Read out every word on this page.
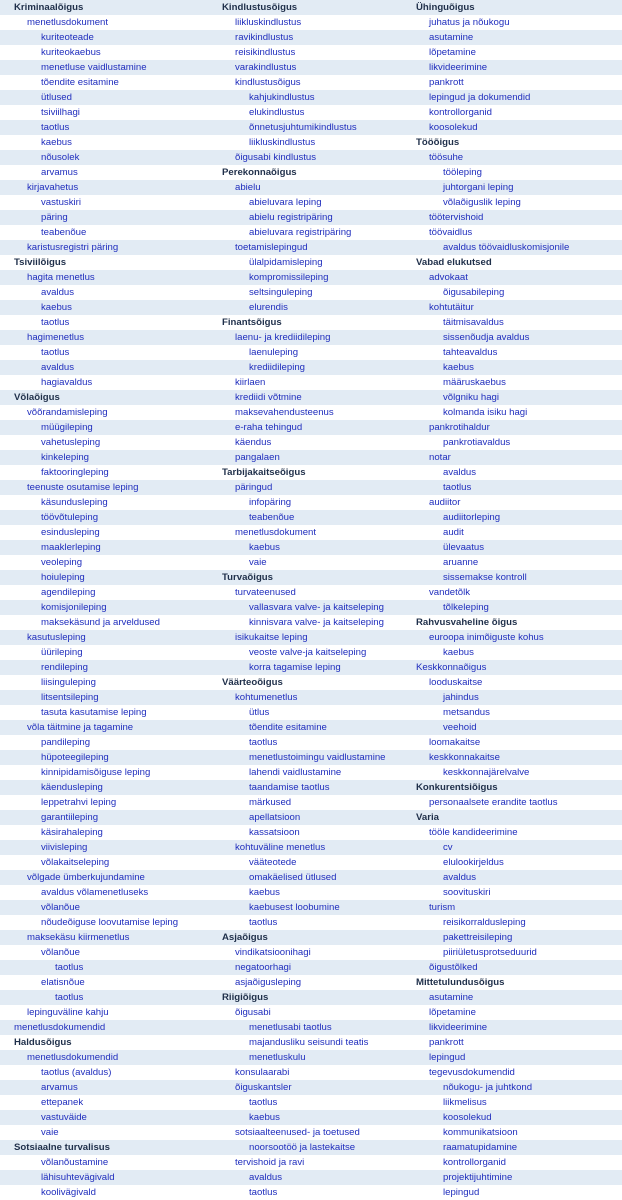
Kriminaalõigus
menetlusdokument
kuriteoteade
kuriteokaebus
menetluse vaidlustamine
tõendite esitamine
ütlused
tsiviilhagi
taotlus
kaebus
nõusolek
arvamus
kirjavahetus
vastuskiri
päring
teabenõue
karistusregistri päring
Tsiviilõigus
hagita menetlus
avaldus
kaebus
taotlus
hagimenetlus
taotlus
avaldus
hagiavaldus
Võlaõigus
võõrandamisleping
müügileping
vahetusleping
kinkeleping
faktooringleping
teenuste osutamise leping
käsundusleping
töövõtuleping
esindusleping
maaklerleping
veoleping
hoiuleping
agendileping
komisjonileping
maksekäsund ja arveldused
kasutusleping
üürileping
rendileping
liisinguleping
litsentsileping
tasuta kasutamise leping
võla täitmine ja tagamine
pandileping
hüpoteegileping
kinnipidamisõiguse leping
käendusleping
leppetrahvi leping
garantiileping
käsirahaleping
viivisleping
võlakaitseleping
võlgade ümberkujundamine
avaldus võlamenetluseks
võlanõue
nõudeõiguse loovutamise leping
maksekäsu kiirmenetlus
võlanõue
taotlus
elatisnõue
taotlus
lepinguväline kahju
menetlusdokumendid
Haldusõigus
menetlusdokumendid
taotlus (avaldus)
arvamus
ettepanek
vastuväide
vaie
Sotsiaalne turvalisus
võlanõustamine
lähisuhtevägivald
koolivägivald
Kindlustusõigus
liikluskindlustus
ravikindlustus
reisikindlustus
varakindlustus
kindlustusõigus
kahjukindlustus
elukindlustus
õnnetusjuhtumikindlustus
liikluskindlustus
õigusabi kindlustus
Perekonnaõigus
abielu
abieluvara leping
abielu registripäring
abieluvara registripäring
toetamislepingud
ülalpidamisleping
kompromissileping
seltsinguleping
elurendis
Finantsõigus
laenu- ja krediidileping
laenuleping
krediidileping
kiirlaen
krediidi võtmine
maksevahendusteenus
e-raha tehingud
käendus
pangalaen
Tarbijakaitseõigus
päringud
infopäring
teabenõue
menetlusdokument
kaebus
vaie
Turvaõigus
turvateenused
vallasvara valve- ja kaitseleping
kinnisvara valve- ja kaitseleping
isikukaitse leping
veoste valve-ja kaitseleping
korra tagamise leping
Väärteoõigus
kohtumenetlus
ütlus
tõendite esitamine
taotlus
menetlustoimingu vaidlustamine
lahendi vaidlustamine
taandamise taotlus
märkused
apellatsioon
kassatsioon
kohtuväline menetlus
vääteotede
omakäelised ütlused
kaebus
kaebusest loobumine
taotlus
Asjaõigus
vindikatsioonihagi
negatoorhagi
asjaõigusleping
Riigiõigus
õigusabi
menetlusabi taotlus
majandusliku seisundi teatis
menetluskulu
konsulaarabi
õiguskantsler
taotlus
kaebus
sotsiaalteenused- ja toetused
noorsootöö ja lastekaitse
tervishoid ja ravi
avaldus
taotlus
Ühinguõigus
juhatus ja nõukogu
asutamine
lõpetamine
likvideerimine
pankrott
lepingud ja dokumendid
kontrollorganid
koosolekud
Tööõigus
töösuhe
tööleping
juhtorgani leping
võlaõiguslik leping
töötervishoid
töövaidlus
avaldus töövaidluskomisjonile
Vabad elukutsed
advokaat
õigusabileping
kohtutäitur
täitmisavaldus
sissenõudja avaldus
tahteavaldus
kaebus
määruskaebus
võlgniku hagi
kolmanda isiku hagi
pankrotihaldur
pankrotiavaldus
notar
avaldus
taotlus
audiitor
audiitorleping
audit
ülevaatus
aruanne
sissemakse kontroll
vandetõlk
tõlkeleping
Rahvusvaheline õigus
euroopa inimõiguste kohus
kaebus
Keskkonnaõigus
looduskaitse
jahindus
metsandus
veehoid
loomakaitse
keskkonnakaitse
keskkonnajärelvalve
Konkurentsiõigus
personaalsete erandite taotlus
Varia
tööle kandideerimine
cv
elulookirjeldus
avaldus
soovituskiri
turism
reisikorraldusleping
pakettreisileping
piiriületusprotseduurid
õigustõlked
Mittetulundusõigus
asutamine
lõpetamine
likvideerimine
pankrott
lepingud
tegevusdokumendid
nõukogu- ja juhtkond
liikmelisus
koosolekud
kommunikatsioon
raamatupidamine
kontrollorganid
projektijuhtimine
lepingud
